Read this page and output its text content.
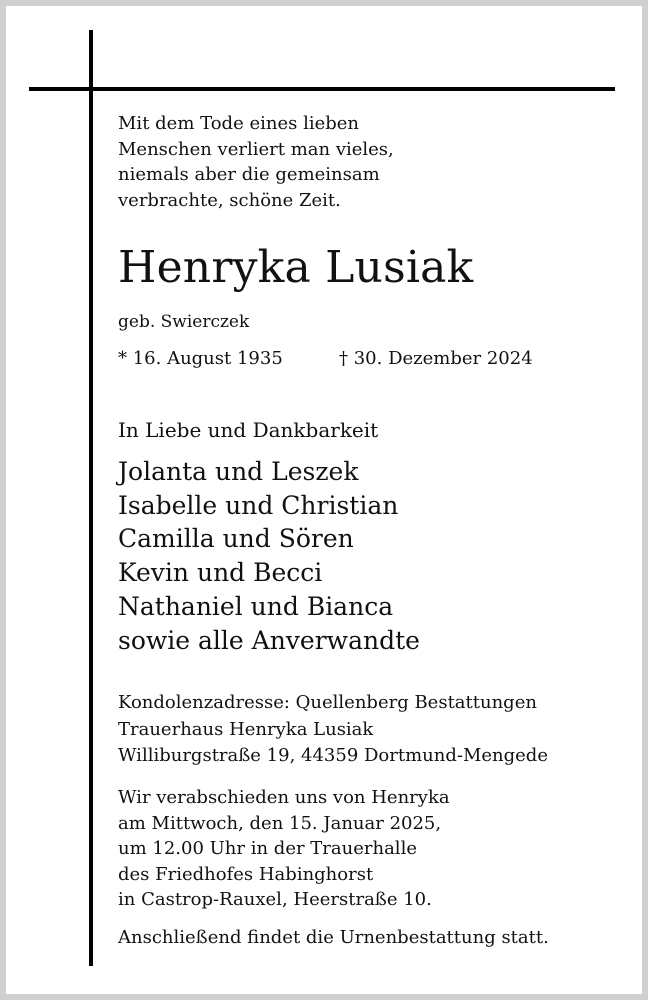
Mit dem Tode eines lieben
Menschen verliert man vieles,
niemals aber die gemeinsam
verbrachte, schöne Zeit.
Henryka Lusiak
geb. Swierczek
* 16. August 1935	† 30. Dezember 2024
In Liebe und Dankbarkeit
Jolanta und Leszek
Isabelle und Christian
Camilla und Sören
Kevin und Becci
Nathaniel und Bianca
sowie alle Anverwandte
Kondolenzadresse: Quellenberg Bestattungen
Trauerhaus Henryka Lusiak
Williburgstraße 19, 44359 Dortmund-Mengede
Wir verabschieden uns von Henryka
am Mittwoch, den 15. Januar 2025,
um 12.00 Uhr in der Trauerhalle
des Friedhofes Habinghorst
in Castrop-Rauxel, Heerstraße 10.
Anschließend findet die Urnenbestattung statt.
